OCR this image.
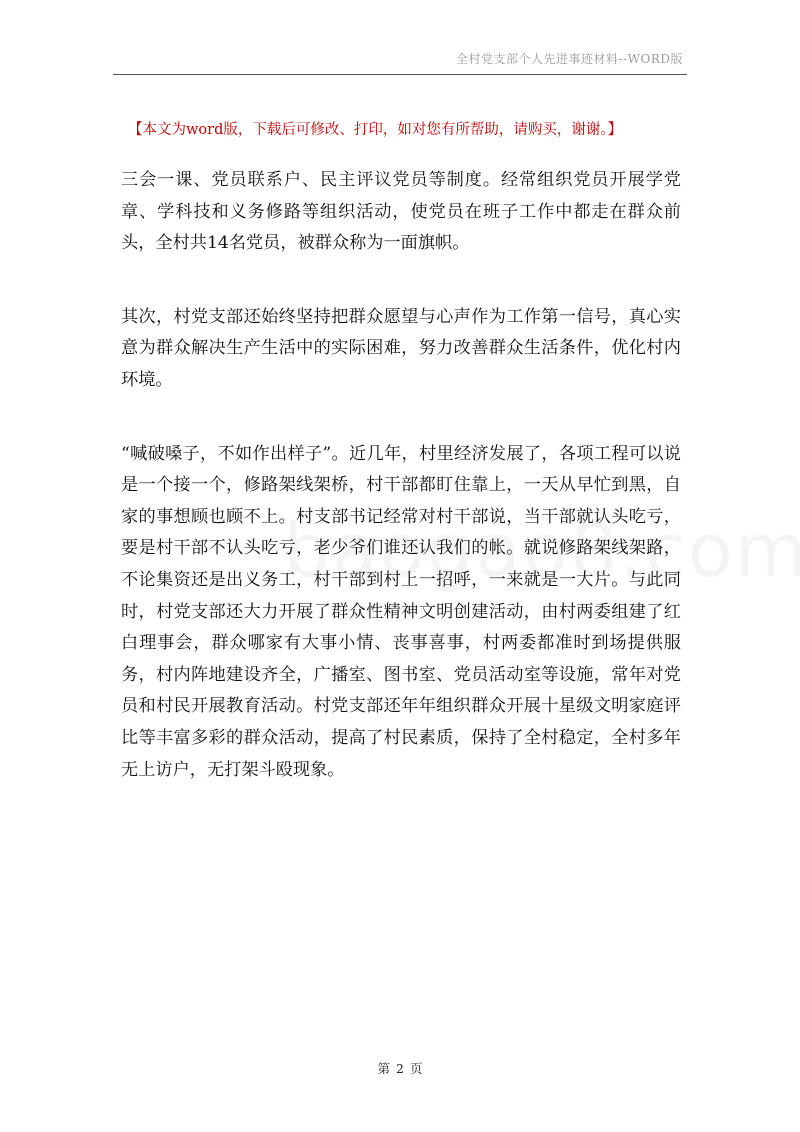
全村党支部个人先进事迹材料--WORD版
【本文为word版，下载后可修改、打印，如对您有所帮助，请购买，谢谢。】

三会一课、党员联系户、民主评议党员等制度。经常组织党员开展学党章、学科技和义务修路等组织活动，使党员在班子工作中都走在群众前头，全村共14名党员，被群众称为一面旗帜。

其次，村党支部还始终坚持把群众愿望与心声作为工作第一信号，真心实意为群众解决生产生活中的实际困难，努力改善群众生活条件，优化村内环境。

“喊破嗓子，不如作出样子”。近几年，村里经济发展了，各项工程可以说是一个接一个，修路架线架桥，村干部都盯住靠上，一天从早忙到黑，自家的事想顾也顾不上。村支部书记经常对村干部说，当干部就认头吃亏，要是村干部不认头吃亏，老少爷们谁还认我们的帐。就说修路架线架路，不论集资还是出义务工，村干部到村上一招呼，一来就是一大片。与此同时，村党支部还大力开展了群众性精神文明创建活动，由村两委组建了红白理事会，群众哪家有大事小情、丧事喜事，村两委都准时到场提供服务，村内阵地建设齐全，广播室、图书室、党员活动室等设施，常年对党员和村民开展教育活动。村党支部还年年组织群众开展十星级文明家庭评比等丰富多彩的群众活动，提高了村民素质，保持了全村稳定，全村多年无上访户，无打架斗殴现象。

第 2 页
